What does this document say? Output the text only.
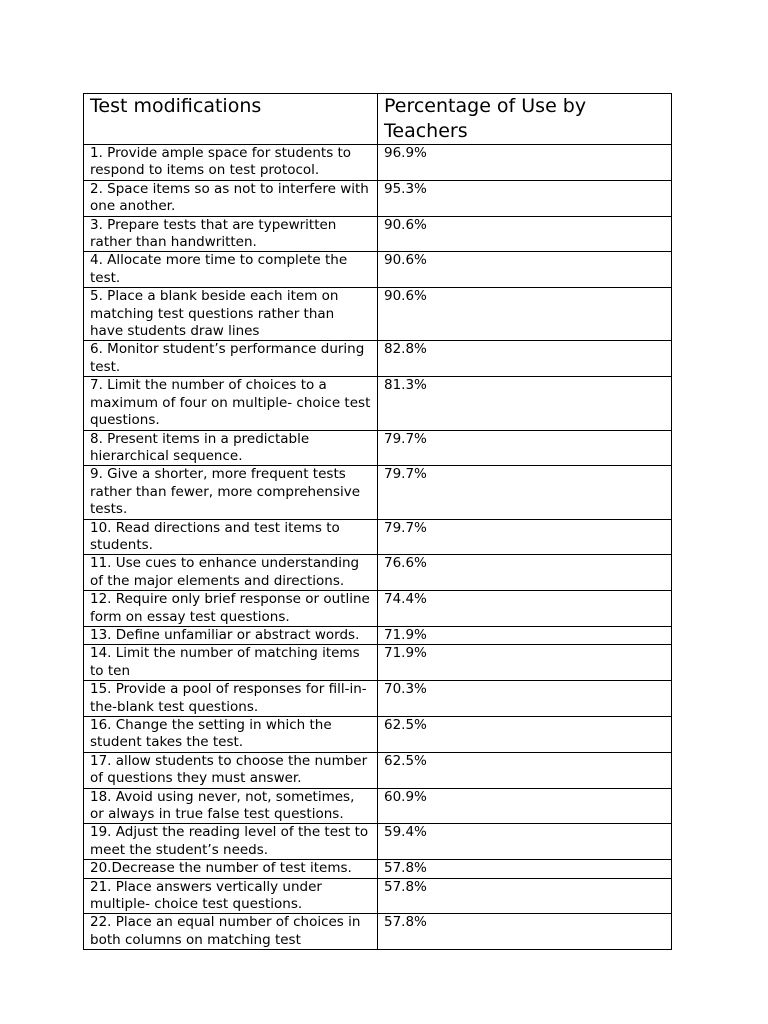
Test modifications	Percentage of Use by Teachers

1. Provide ample space for students to respond to items on test protocol.	96.9%

2. Space items so as not to interfere with one another.	95.3%

3. Prepare tests that are typewritten rather than handwritten.	90.6%

4. Allocate more time to complete the test.	90.6%

5. Place a blank beside each item on matching test questions rather than have students draw lines	90.6%

6. Monitor student’s performance during test.	82.8%

7. Limit the number of choices to a maximum of four on multiple- choice test questions.	81.3%

8. Present items in a predictable hierarchical sequence.	79.7%

9. Give a shorter, more frequent tests rather than fewer, more comprehensive tests.	79.7%

10. Read directions and test items to students.	79.7%

11. Use cues to enhance understanding of the major elements and directions.	76.6%

12. Require only brief response or outline form on essay test questions.	74.4%

13. Define unfamiliar or abstract words.	71.9%

14. Limit the number of matching items to ten	71.9%

15. Provide a pool of responses for fill-in-the-blank test questions.	70.3%

16. Change the setting in which the student takes the test.	62.5%

17. allow students to choose the number of questions they must answer.	62.5%

18. Avoid using never, not, sometimes, or always in true false test questions.	60.9%

19. Adjust the reading level of the test to meet the student’s needs.	59.4%

20.Decrease the number of test items.	57.8%

21. Place answers vertically under multiple- choice test questions.	57.8%

22. Place an equal number of choices in both columns on matching test	57.8%
